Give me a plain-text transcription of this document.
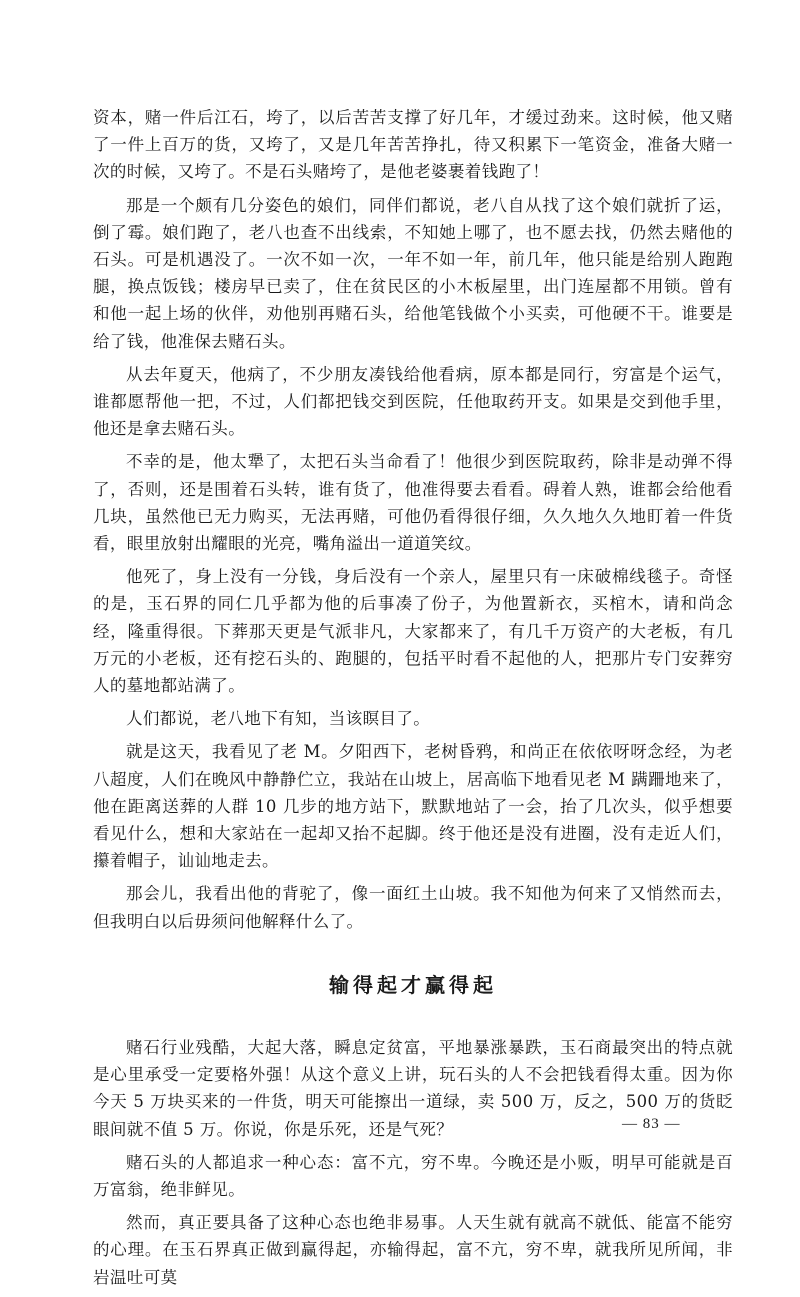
资本，赌一件后江石，垮了，以后苦苦支撑了好几年，才缓过劲来。这时候，他又赌了一件上百万的货，又垮了，又是几年苦苦挣扎，待又积累下一笔资金，准备大赌一次的时候，又垮了。不是石头赌垮了，是他老婆裹着钱跑了！

那是一个颇有几分姿色的娘们，同伴们都说，老八自从找了这个娘们就折了运，倒了霉。娘们跑了，老八也查不出线索，不知她上哪了，也不愿去找，仍然去赌他的石头。可是机遇没了。一次不如一次，一年不如一年，前几年，他只能是给别人跑跑腿，换点饭钱；楼房早已卖了，住在贫民区的小木板屋里，出门连屋都不用锁。曾有和他一起上场的伙伴，劝他别再赌石头，给他笔钱做个小买卖，可他硬不干。谁要是给了钱，他准保去赌石头。

从去年夏天，他病了，不少朋友凑钱给他看病，原本都是同行，穷富是个运气，谁都愿帮他一把，不过，人们都把钱交到医院，任他取药开支。如果是交到他手里，他还是拿去赌石头。

不幸的是，他太犟了，太把石头当命看了！他很少到医院取药，除非是动弹不得了，否则，还是围着石头转，谁有货了，他准得要去看看。碍着人熟，谁都会给他看几块，虽然他已无力购买，无法再赌，可他仍看得很仔细，久久地久久地盯着一件货看，眼里放射出耀眼的光亮，嘴角溢出一道道笑纹。

他死了，身上没有一分钱，身后没有一个亲人，屋里只有一床破棉线毯子。奇怪的是，玉石界的同仁几乎都为他的后事凑了份子，为他置新衣，买棺木，请和尚念经，隆重得很。下葬那天更是气派非凡，大家都来了，有几千万资产的大老板，有几万元的小老板，还有挖石头的、跑腿的，包括平时看不起他的人，把那片专门安葬穷人的墓地都站满了。

人们都说，老八地下有知，当该瞑目了。

就是这天，我看见了老 M。夕阳西下，老树昏鸦，和尚正在依依呀呀念经，为老八超度，人们在晚风中静静伫立，我站在山坡上，居高临下地看见老 M 蹒跚地来了，他在距离送葬的人群 10 几步的地方站下，默默地站了一会，抬了几次头，似乎想要看见什么，想和大家站在一起却又抬不起脚。终于他还是没有进圈，没有走近人们，攥着帽子，讪讪地走去。

那会儿，我看出他的背驼了，像一面红土山坡。我不知他为何来了又悄然而去，但我明白以后毋须问他解释什么了。

输得起才赢得起

赌石行业残酷，大起大落，瞬息定贫富，平地暴涨暴跌，玉石商最突出的特点就是心里承受一定要格外强！从这个意义上讲，玩石头的人不会把钱看得太重。因为你今天 5 万块买来的一件货，明天可能擦出一道绿，卖 500 万，反之，500 万的货眨眼间就不值 5 万。你说，你是乐死，还是气死？

赌石头的人都追求一种心态：富不亢，穷不卑。今晚还是小贩，明早可能就是百万富翁，绝非鲜见。

然而，真正要具备了这种心态也绝非易事。人天生就有就高不就低、能富不能穷的心理。在玉石界真正做到赢得起，亦输得起，富不亢，穷不卑，就我所见所闻，非岩温吐可莫

— 83 —
